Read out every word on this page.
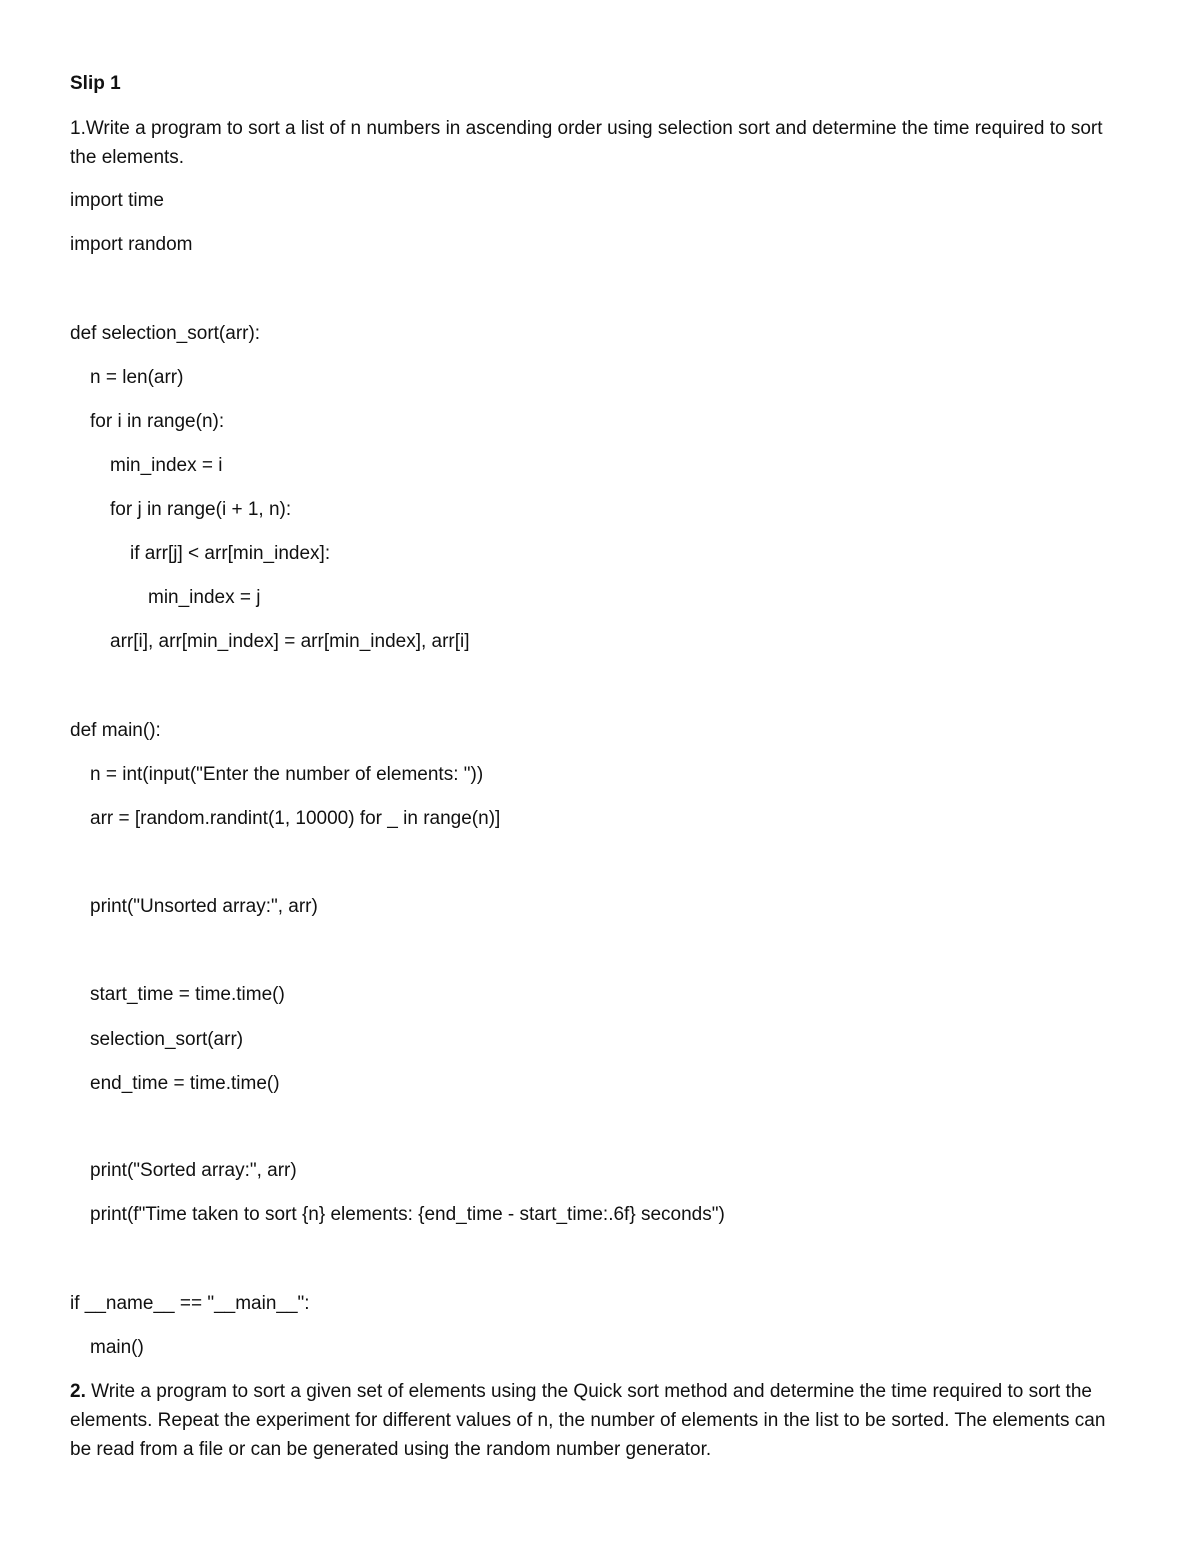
Slip 1
1.Write a program to sort a list of n numbers in ascending order using selection sort and determine the time required to sort the elements.
import time
import random
def selection_sort(arr):
n = len(arr)
for i in range(n):
min_index = i
for j in range(i + 1, n):
if arr[j] < arr[min_index]:
min_index = j
arr[i], arr[min_index] = arr[min_index], arr[i]
def main():
n = int(input("Enter the number of elements: "))
arr = [random.randint(1, 10000) for _ in range(n)]
print("Unsorted array:", arr)
start_time = time.time()
selection_sort(arr)
end_time = time.time()
print("Sorted array:", arr)
print(f"Time taken to sort {n} elements: {end_time - start_time:.6f} seconds")
if __name__ == "__main__":
main()
2. Write a program to sort a given set of elements using the Quick sort method and determine the time required to sort the elements. Repeat the experiment for different values of n, the number of elements in the list to be sorted. The elements can be read from a file or can be generated using the random number generator.
